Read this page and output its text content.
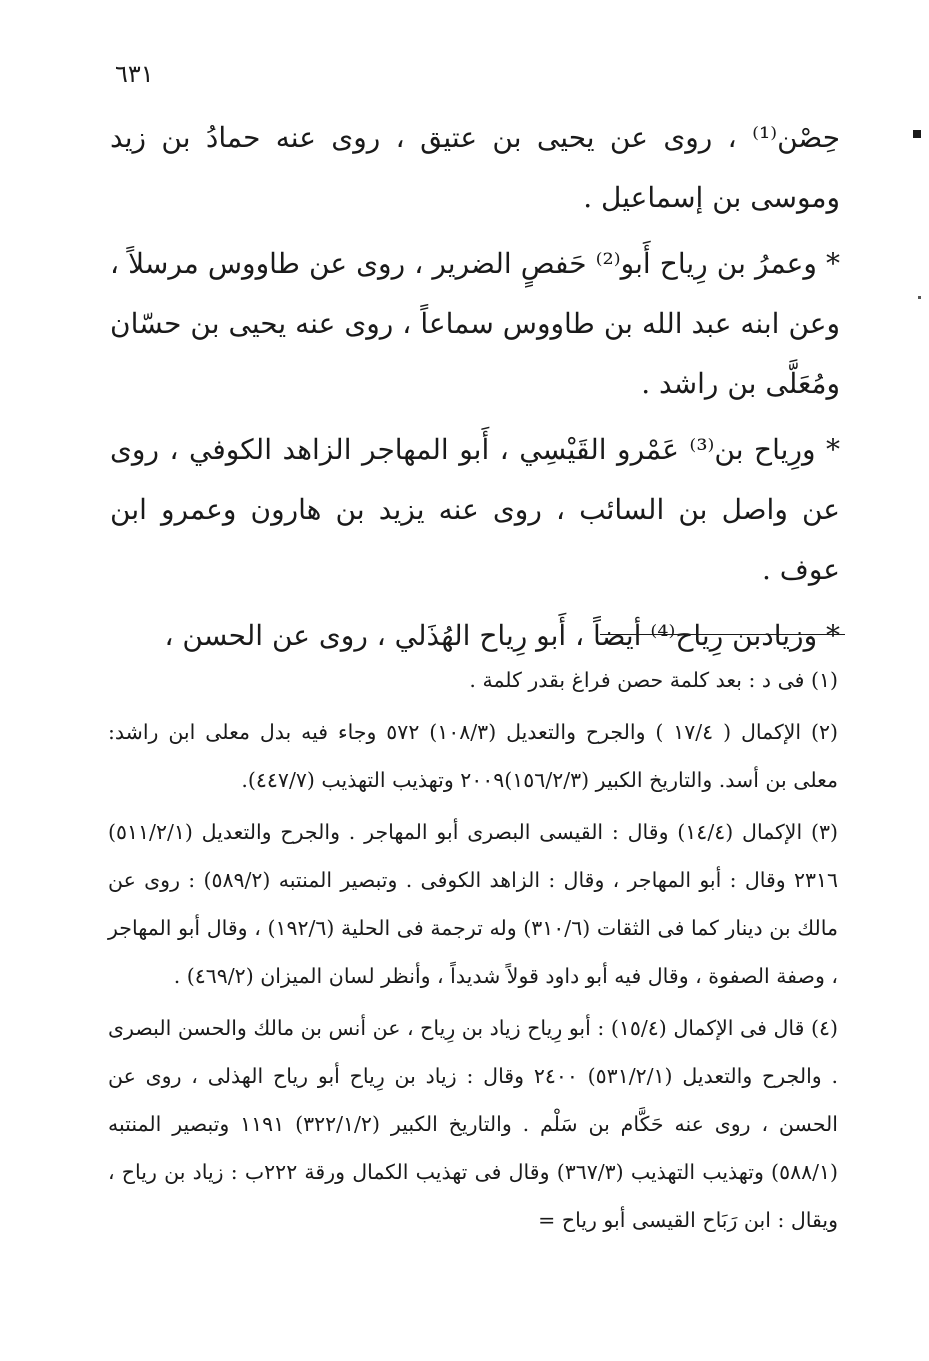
٦٣١

حِصْن⁽¹⁾ ، روى عن يحيى بن عتيق ، روى عنه حمادُ بن زيد وموسى بن إسماعيل .

* وعمرُ بن رِياح أَبو⁽²⁾ حَفصٍ الضرير ، روى عن طاووس مرسلاً ، وعن ابنه عبد الله بن طاووس سماعاً ، روى عنه يحيى بن حسّان ومُعَلَّى بن راشد .

* ورِياح بن⁽³⁾ عَمْرو القَيْسِي ، أَبو المهاجر الزاهد الكوفي ، روى عن واصل بن السائب ، روى عنه يزيد بن هارون وعمرو ابن عوف .

* وزيادبن رِياح⁽⁴⁾ أيضاً ، أَبو رِياح الهُذَلي ، روى عن الحسن ،

(١) فى د : بعد كلمة حصن فراغ بقدر كلمة .

(٢) الإكمال ( ١٧/٤ ) والجرح والتعديل (١٠٨/٣) ٥٧٢ وجاء فيه بدل معلى ابن راشد: معلى بن أسد. والتاريخ الكبير (١٥٦/٢/٣)٢٠٠٩ وتهذيب التهذيب (٤٤٧/٧).

(٣) الإكمال (١٤/٤) وقال : القيسى البصرى أبو المهاجر . والجرح والتعديل (٥١١/٢/١) ٢٣١٦ وقال : أبو المهاجر ، وقال : الزاهد الكوفى . وتبصير المنتبه (٥٨٩/٢) : روى عن مالك بن دينار كما فى الثقات (٣١٠/٦) وله ترجمة فى الحلية (١٩٢/٦) ، وقال أبو المهاجر ، وصفة الصفوة ، وقال فيه أبو داود قولاً شديداً ، وأنظر لسان الميزان (٤٦٩/٢) .

(٤) قال فى الإكمال (١٥/٤) : أبو رِياح زياد بن رِياح ، عن أنس بن مالك والحسن البصرى . والجرح والتعديل (٥٣١/٢/١) ٢٤٠٠ وقال : زياد بن رِياح أبو رياح الهذلى ، روى عن الحسن ، روى عنه حَكَّام بن سَلْم . والتاريخ الكبير (٣٢٢/١/٢) ١١٩١ وتبصير المنتبه (٥٨٨/١) وتهذيب التهذيب (٣٦٧/٣) وقال فى تهذيب الكمال ورقة ٢٢٢ب : زياد بن رياح ، ويقال : ابن رَبَاح القيسى أبو رياح =
